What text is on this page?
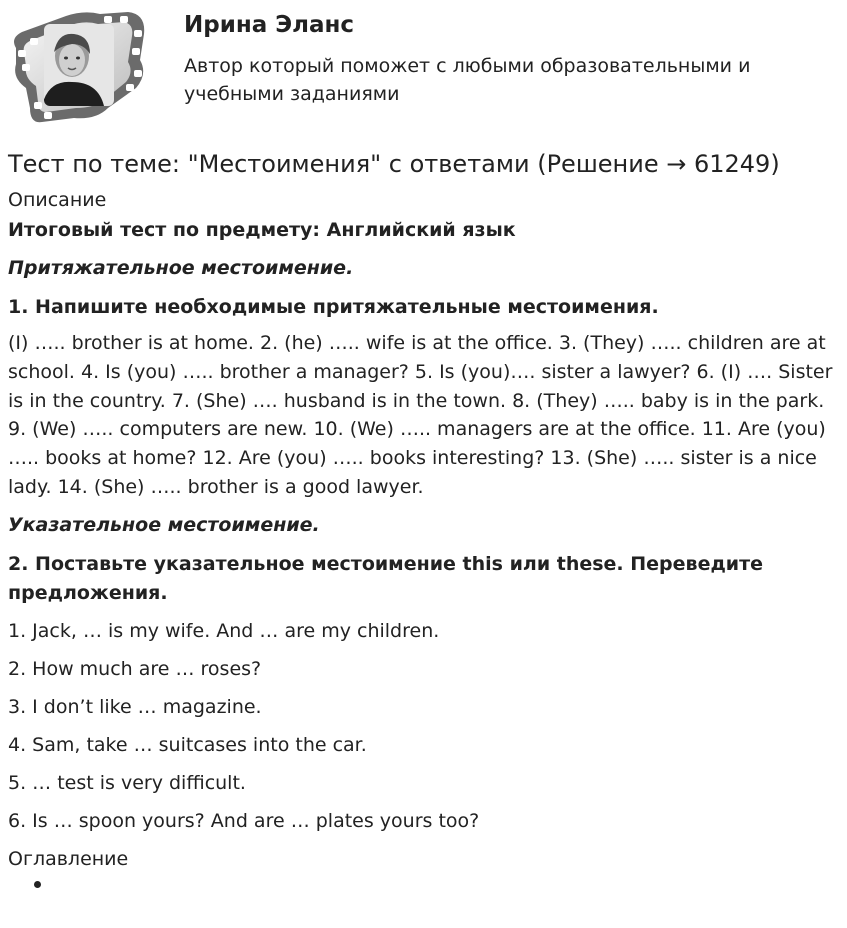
Ирина Эланс
Автор который поможет с любыми образовательными и учебными заданиями
Тест по теме: "Местоимения" с ответами (Решение → 61249)
Описание
Итоговый тест по предмету: Английский язык
Притяжательное местоимение.
1. Напишите необходимые притяжательные местоимения.
(I) ….. brother is at home. 2. (he) ….. wife is at the office. 3. (They) ….. children are at school. 4. Is (you) ….. brother a manager? 5. Is (you)…. sister a lawyer? 6. (I) …. Sister is in the country. 7. (She) …. husband is in the town. 8. (They) ….. baby is in the park. 9. (We) ….. computers are new. 10. (We) ….. managers are at the office. 11. Are (you) ….. books at home? 12. Are (you) ….. books interesting? 13. (She) ….. sister is a nice lady. 14. (She) ….. brother is a good lawyer.
Указательное местоимение.
2. Поставьте указательное местоимение this или these. Переведите предложения.
1. Jack, … is my wife. And … are my children.
2. How much are … roses?
3. I don’t like … magazine.
4. Sam, take … suitcases into the car.
5. … test is very difficult.
6. Is … spoon yours? And are … plates yours too?
Оглавление
